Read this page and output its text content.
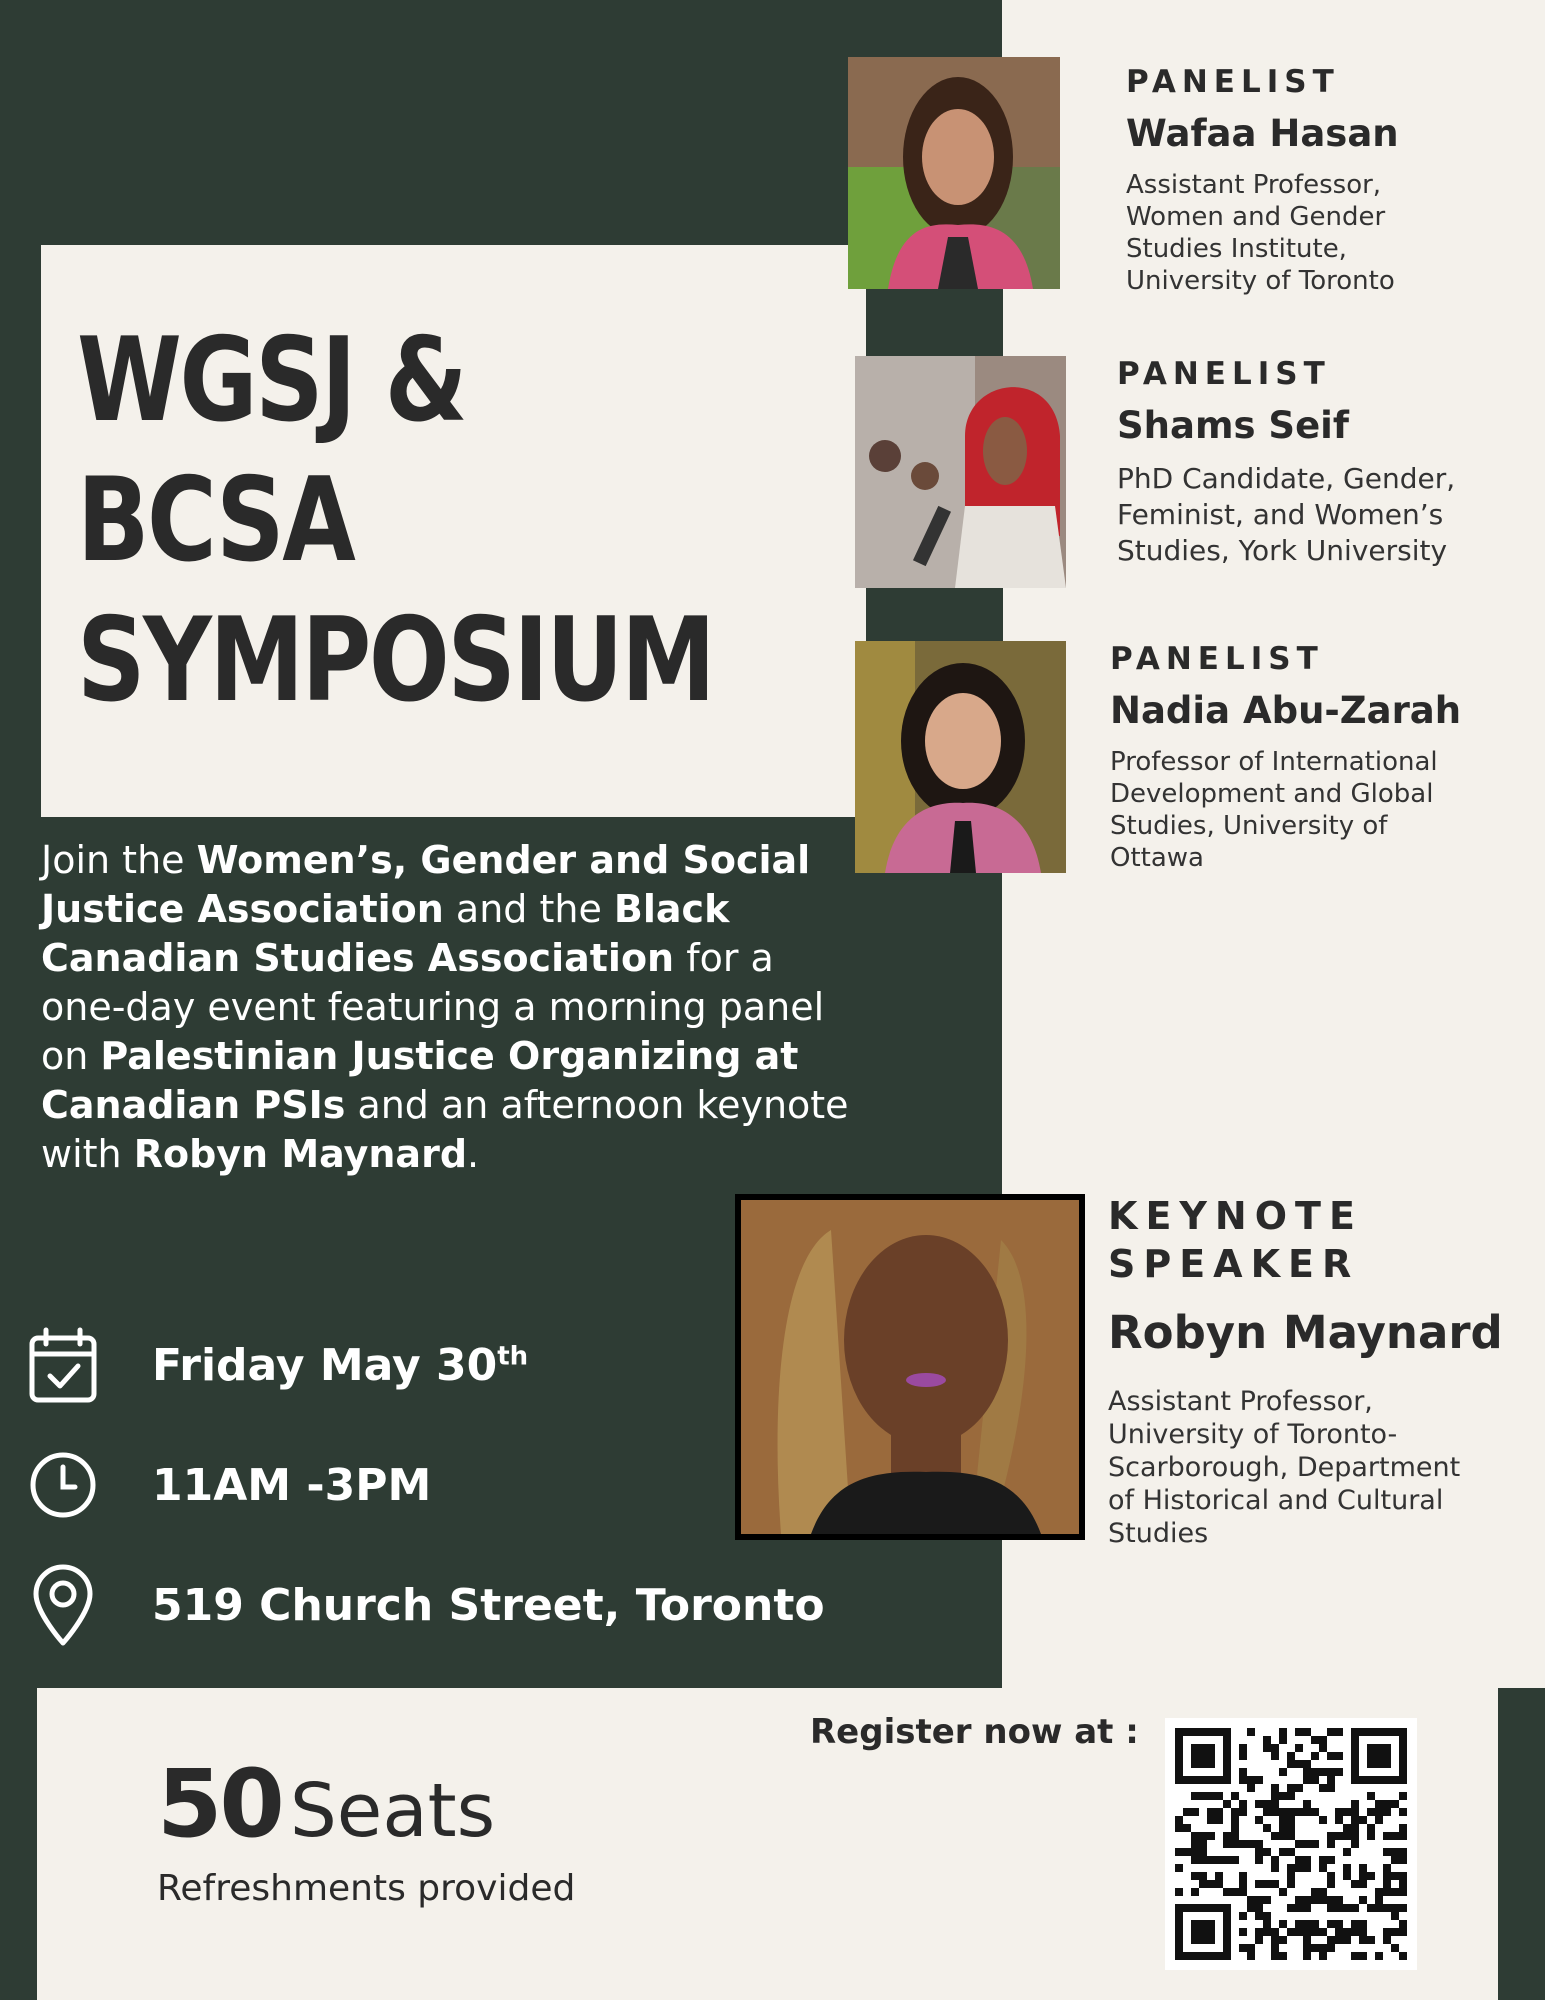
WGSJ &
BCSA
SYMPOSIUM
Join the Women’s, Gender and Social Justice Association and the Black Canadian Studies Association for a one-day event featuring a morning panel on Palestinian Justice Organizing at Canadian PSIs and an afternoon keynote with Robyn Maynard.
Friday May 30th
11AM -3PM
519 Church Street, Toronto
PANELIST
Wafaa Hasan
Assistant Professor,
Women and Gender
Studies Institute,
University of Toronto
PANELIST
Shams Seif
PhD Candidate, Gender,
Feminist, and Women’s
Studies, York University
PANELIST
Nadia Abu-Zarah
Professor of International
Development and Global
Studies, University of
Ottawa
KEYNOTE
SPEAKER
Robyn Maynard
Assistant Professor,
University of Toronto-
Scarborough, Department
of Historical and Cultural
Studies
50 Seats
Refreshments provided
Register now at :
